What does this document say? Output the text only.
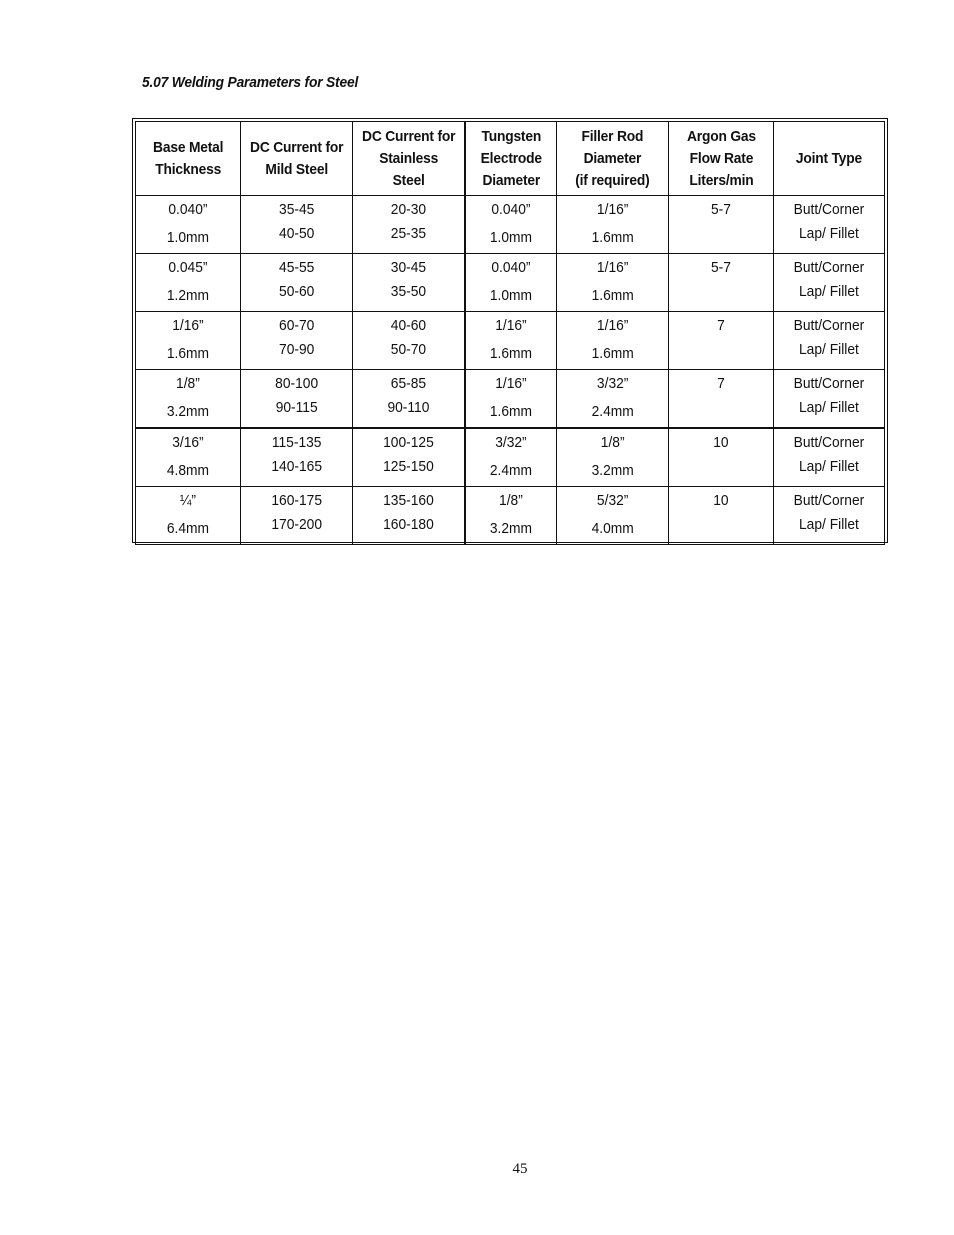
5.07 Welding Parameters for Steel
Base Metal
Thickness	DC Current for
Mild Steel	DC Current for
Stainless
Steel	Tungsten
Electrode
Diameter	Filler Rod
Diameter
(if required)	Argon Gas
Flow Rate
Liters/min	Joint Type

0.040”
1.0mm	35-45
40-50	20-30
25-35	0.040”
1.0mm	1/16”
1.6mm	5-7	Butt/Corner
Lap/ Fillet

0.045”
1.2mm	45-55
50-60	30-45
35-50	0.040”
1.0mm	1/16”
1.6mm	5-7	Butt/Corner
Lap/ Fillet

1/16”
1.6mm	60-70
70-90	40-60
50-70	1/16”
1.6mm	1/16”
1.6mm	7	Butt/Corner
Lap/ Fillet

1/8”
3.2mm	80-100
90-115	65-85
90-110	1/16”
1.6mm	3/32”
2.4mm	7	Butt/Corner
Lap/ Fillet

3/16”
4.8mm	115-135
140-165	100-125
125-150	3/32”
2.4mm	1/8”
3.2mm	10	Butt/Corner
Lap/ Fillet

¼”
6.4mm	160-175
170-200	135-160
160-180	1/8”
3.2mm	5/32”
4.0mm	10	Butt/Corner
Lap/ Fillet
45
